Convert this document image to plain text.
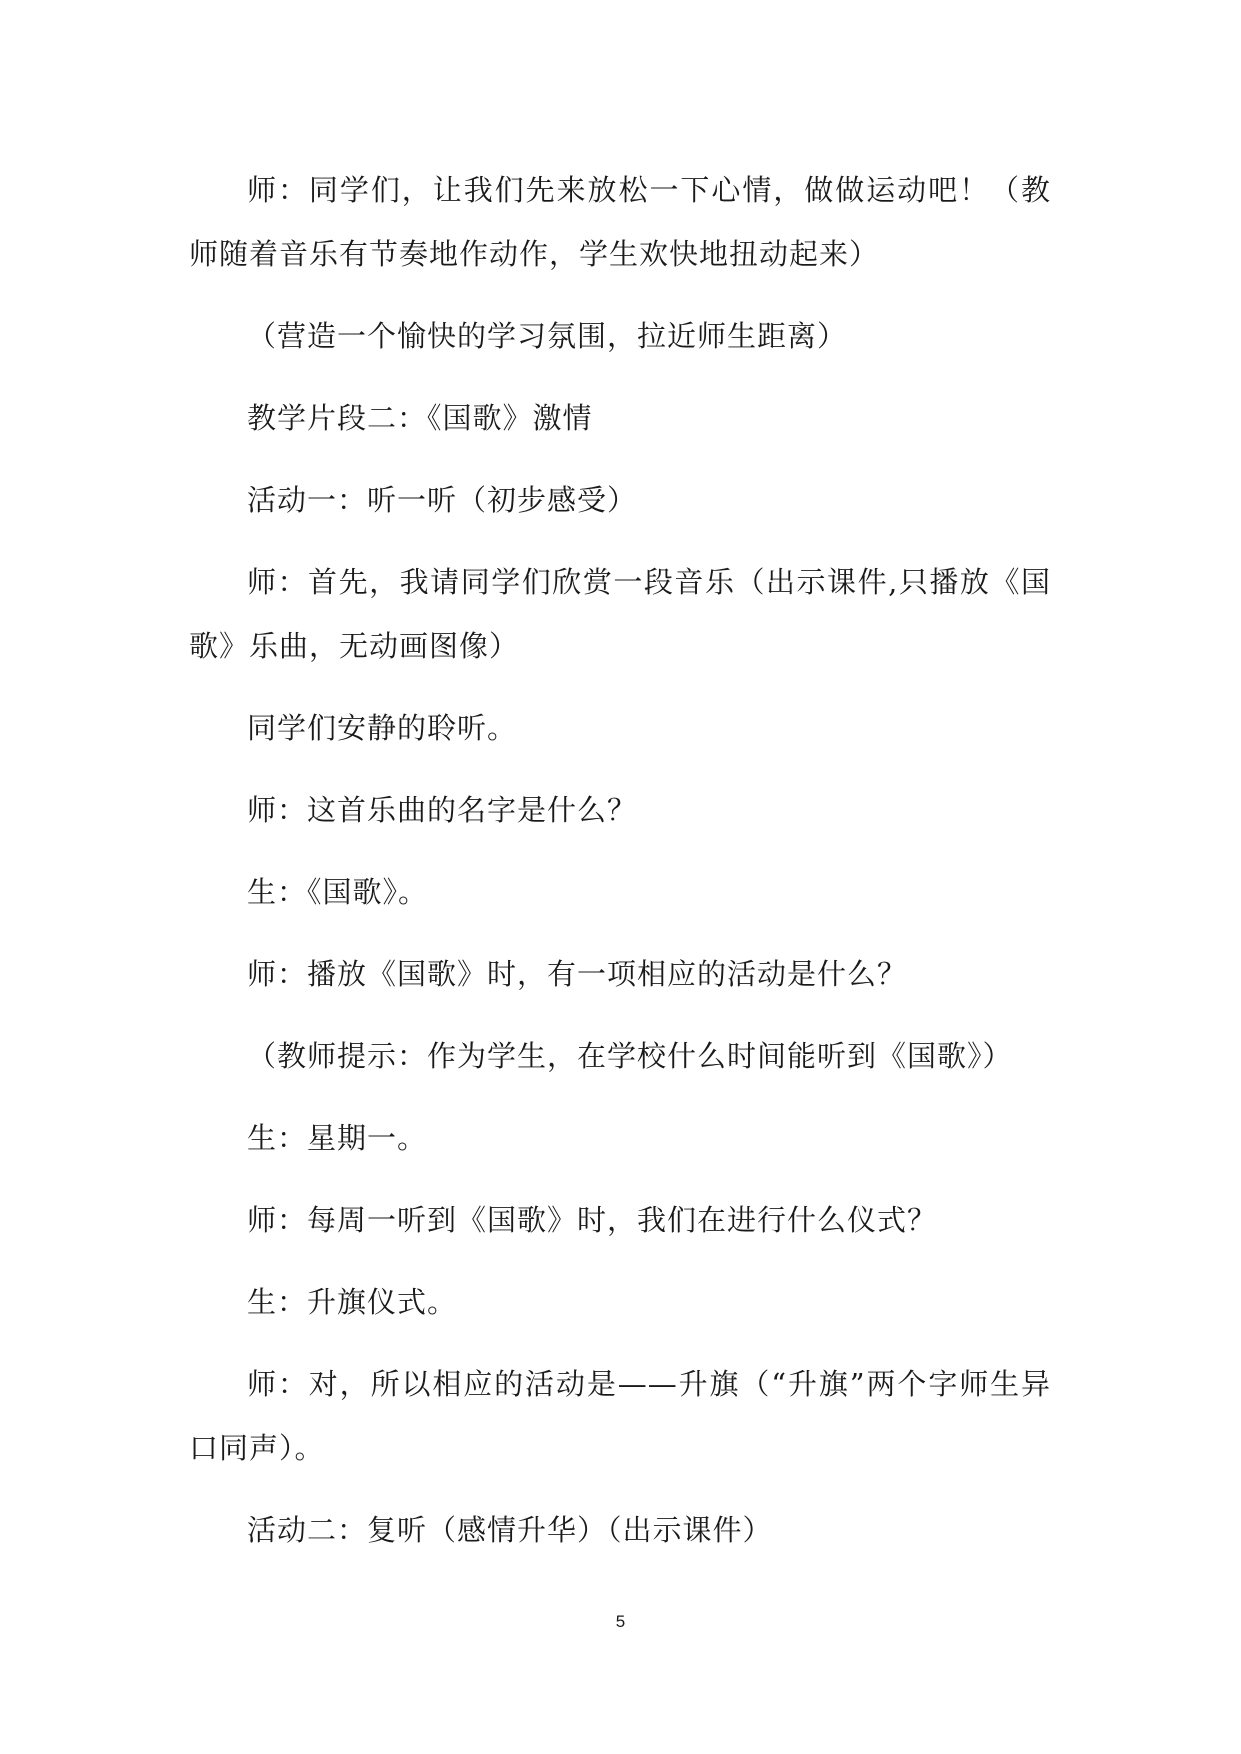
师：同学们，让我们先来放松一下心情，做做运动吧！（教师随着音乐有节奏地作动作，学生欢快地扭动起来）

（营造一个愉快的学习氛围，拉近师生距离）

教学片段二：《国歌》激情

活动一：听一听（初步感受）

师：首先，我请同学们欣赏一段音乐（出示课件,只播放《国歌》乐曲，无动画图像）

同学们安静的聆听。

师：这首乐曲的名字是什么？

生：《国歌》。

师：播放《国歌》时，有一项相应的活动是什么？

（教师提示：作为学生，在学校什么时间能听到《国歌》）

生：星期一。

师：每周一听到《国歌》时，我们在进行什么仪式？

生：升旗仪式。

师：对，所以相应的活动是——升旗（“升旗”两个字师生异口同声）。

活动二：复听（感情升华）（出示课件）

5
